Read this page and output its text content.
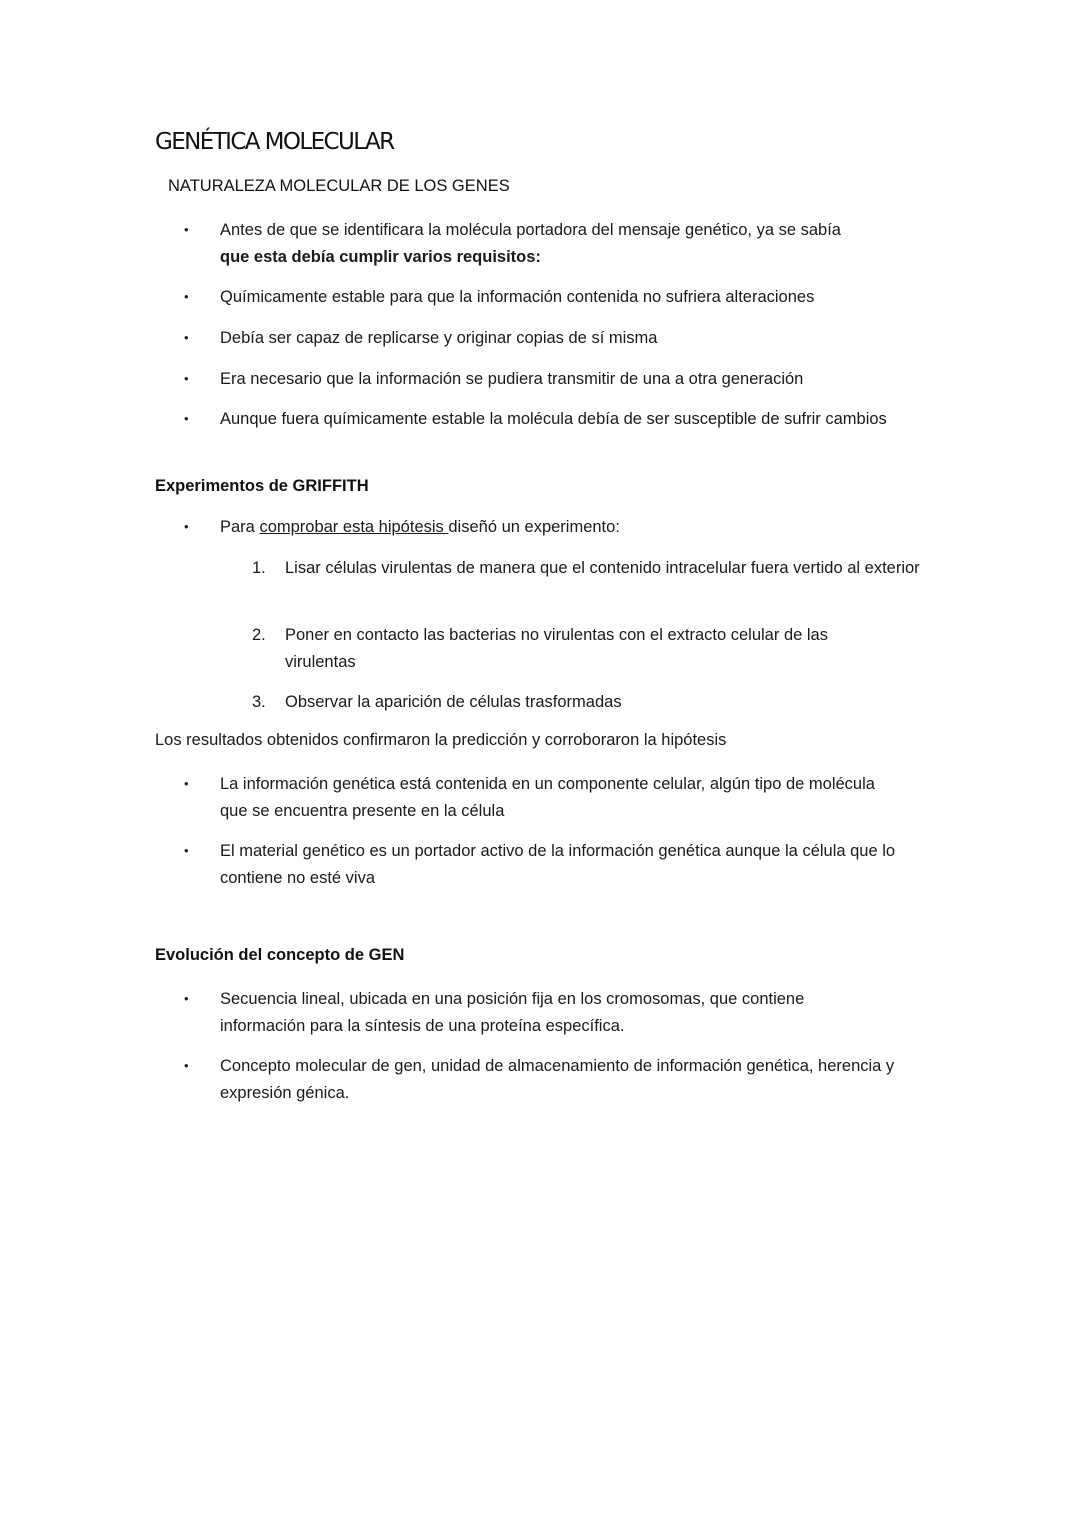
GENÉTICA MOLECULAR
NATURALEZA MOLECULAR DE LOS GENES
• Antes de que se identificara la molécula portadora del mensaje genético, ya se sabía
que esta debía cumplir varios requisitos:
• Químicamente estable para que la información contenida no sufriera alteraciones
• Debía ser capaz de replicarse y originar copias de sí misma
• Era necesario que la información se pudiera transmitir de una a otra generación
• Aunque fuera químicamente estable la molécula debía de ser susceptible de sufrir cambios
Experimentos de GRIFFITH
• Para comprobar esta hipótesis diseñó un experimento:
1. Lisar células virulentas de manera que el contenido intracelular fuera vertido al exterior
2. Poner en contacto las bacterias no virulentas con el extracto celular de las virulentas
3. Observar la aparición de células trasformadas

Los resultados obtenidos confirmaron la predicción y corroboraron la hipótesis

• La información genética está contenida en un componente celular, algún tipo de molécula que se encuentra presente en la célula
• El material genético es un portador activo de la información genética aunque la célula que lo contiene no esté viva
Evolución del concepto de GEN
• Secuencia lineal, ubicada en una posición fija en los cromosomas, que contiene información para la síntesis de una proteína específica.
• Concepto molecular de gen, unidad de almacenamiento de información genética, herencia y expresión génica.
